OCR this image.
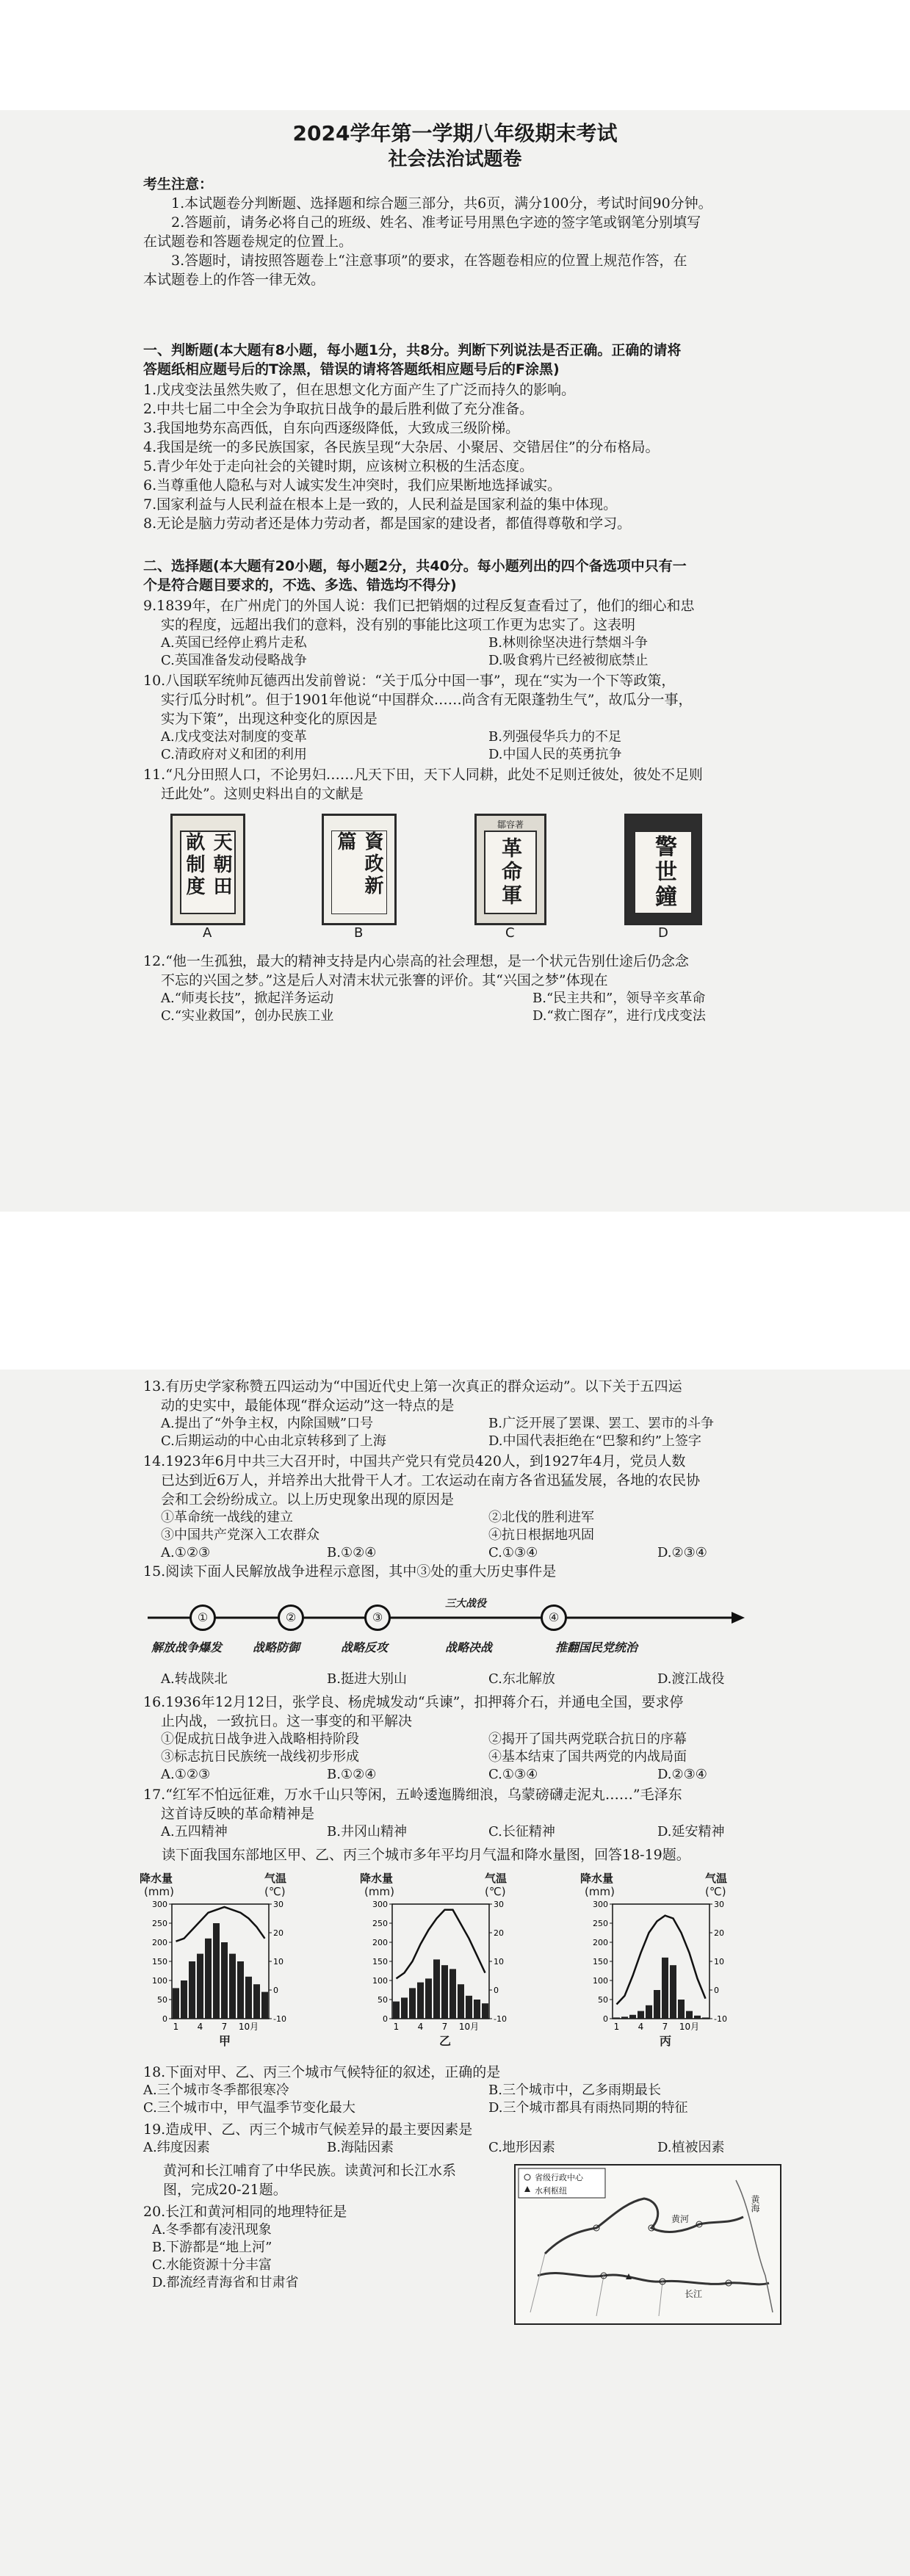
2024学年第一学期八年级期末考试
社会法治试题卷
考生注意：
1.本试题卷分判断题、选择题和综合题三部分，共6页，满分100分，考试时间90分钟。
2.答题前，请务必将自己的班级、姓名、准考证号用黑色字迹的签字笔或钢笔分别填写
在试题卷和答题卷规定的位置上。
3.答题时，请按照答题卷上“注意事项”的要求，在答题卷相应的位置上规范作答，在
本试题卷上的作答一律无效。
一、判断题(本大题有8小题，每小题1分，共8分。判断下列说法是否正确。正确的请将
答题纸相应题号后的T涂黑，错误的请将答题纸相应题号后的F涂黑)
1.戊戌变法虽然失败了，但在思想文化方面产生了广泛而持久的影响。
2.中共七届二中全会为争取抗日战争的最后胜利做了充分准备。
3.我国地势东高西低，自东向西逐级降低，大致成三级阶梯。
4.我国是统一的多民族国家，各民族呈现“大杂居、小聚居、交错居住”的分布格局。
5.青少年处于走向社会的关键时期，应该树立积极的生活态度。
6.当尊重他人隐私与对人诚实发生冲突时，我们应果断地选择诚实。
7.国家利益与人民利益在根本上是一致的，人民利益是国家利益的集中体现。
8.无论是脑力劳动者还是体力劳动者，都是国家的建设者，都值得尊敬和学习。
二、选择题(本大题有20小题，每小题2分，共40分。每小题列出的四个备选项中只有一
个是符合题目要求的，不选、多选、错选均不得分)
9.1839年，在广州虎门的外国人说：我们已把销烟的过程反复查看过了，他们的细心和忠
实的程度，远超出我们的意料，没有别的事能比这项工作更为忠实了。这表明
A.英国已经停止鸦片走私	B.林则徐坚决进行禁烟斗争
C.英国准备发动侵略战争	D.吸食鸦片已经被彻底禁止
10.八国联军统帅瓦德西出发前曾说：“关于瓜分中国一事”，现在“实为一个下等政策，
实行瓜分时机”。但于1901年他说“中国群众……尚含有无限蓬勃生气”，故瓜分一事，
实为下策”，出现这种变化的原因是
A.戊戌变法对制度的变革	B.列强侵华兵力的不足
C.清政府对义和团的利用	D.中国人民的英勇抗争
11.“凡分田照人口，不论男妇……凡天下田，天下人同耕，此处不足则迁彼处，彼处不足则
迁此处”。这则史料出自的文献是
天朝田畝制度
A
資政新篇
B
鄒容著
革命軍
C
警世鐘
D
12.“他一生孤独，最大的精神支持是内心崇高的社会理想，是一个状元告别仕途后仍念念
不忘的兴国之梦。”这是后人对清末状元张謇的评价。其“兴国之梦”体现在
A.“师夷长技”，掀起洋务运动	B.“民主共和”，领导辛亥革命
C.“实业救国”，创办民族工业	D.“救亡图存”，进行戊戌变法
13.有历史学家称赞五四运动为“中国近代史上第一次真正的群众运动”。以下关于五四运
动的史实中，最能体现“群众运动”这一特点的是
A.提出了“外争主权，内除国贼”口号	B.广泛开展了罢课、罢工、罢市的斗争
C.后期运动的中心由北京转移到了上海	D.中国代表拒绝在“巴黎和约”上签字
14.1923年6月中共三大召开时，中国共产党只有党员420人，到1927年4月，党员人数
已达到近6万人，并培养出大批骨干人才。工农运动在南方各省迅猛发展，各地的农民协
会和工会纷纷成立。以上历史现象出现的原因是
①革命统一战线的建立	②北伐的胜利进军
③中国共产党深入工农群众	④抗日根据地巩固
A.①②③	B.①②④	C.①③④	D.②③④
15.阅读下面人民解放战争进程示意图，其中③处的重大历史事件是
①	②	③	④
三大战役
解放战争爆发	战略防御	战略反攻	战略决战	推翻国民党统治
A.转战陕北	B.挺进大别山	C.东北解放	D.渡江战役
16.1936年12月12日，张学良、杨虎城发动“兵谏”，扣押蒋介石，并通电全国，要求停
止内战，一致抗日。这一事变的和平解决
①促成抗日战争进入战略相持阶段	②揭开了国共两党联合抗日的序幕
③标志抗日民族统一战线初步形成	④基本结束了国共两党的内战局面
A.①②③	B.①②④	C.①③④	D.②③④
17.“红军不怕远征难，万水千山只等闲，五岭逶迤腾细浪，乌蒙磅礴走泥丸……”毛泽东
这首诗反映的革命精神是
A.五四精神	B.井冈山精神	C.长征精神	D.延安精神
读下面我国东部地区甲、乙、丙三个城市多年平均月气温和降水量图，回答18-19题。
降水量
(mm)
气温
(℃)
甲
0
50
100
150
200
250
300
-10
0
10
20
30
1 4 7 10月
降水量
(mm)
气温
(℃)
乙
0
50
100
150
200
250
300
-10
0
10
20
30
1 4 7 10月
降水量
(mm)
气温
(℃)
丙
0
50
100
150
200
250
300
-10
0
10
20
30
1 4 7 10月
18.下面对甲、乙、丙三个城市气候特征的叙述，正确的是
A.三个城市冬季都很寒冷	B.三个城市中，乙多雨期最长
C.三个城市中，甲气温季节变化最大	D.三个城市都具有雨热同期的特征
19.造成甲、乙、丙三个城市气候差异的最主要因素是
A.纬度因素	B.海陆因素	C.地形因素	D.植被因素
黄河和长江哺育了中华民族。读黄河和长江水系
图，完成20-21题。
20.长江和黄河相同的地理特征是
A.冬季都有凌汛现象
B.下游都是“地上河”
C.水能资源十分丰富
D.都流经青海省和甘肃省
省级行政中心
水利枢纽
黄河
长江
黄海
